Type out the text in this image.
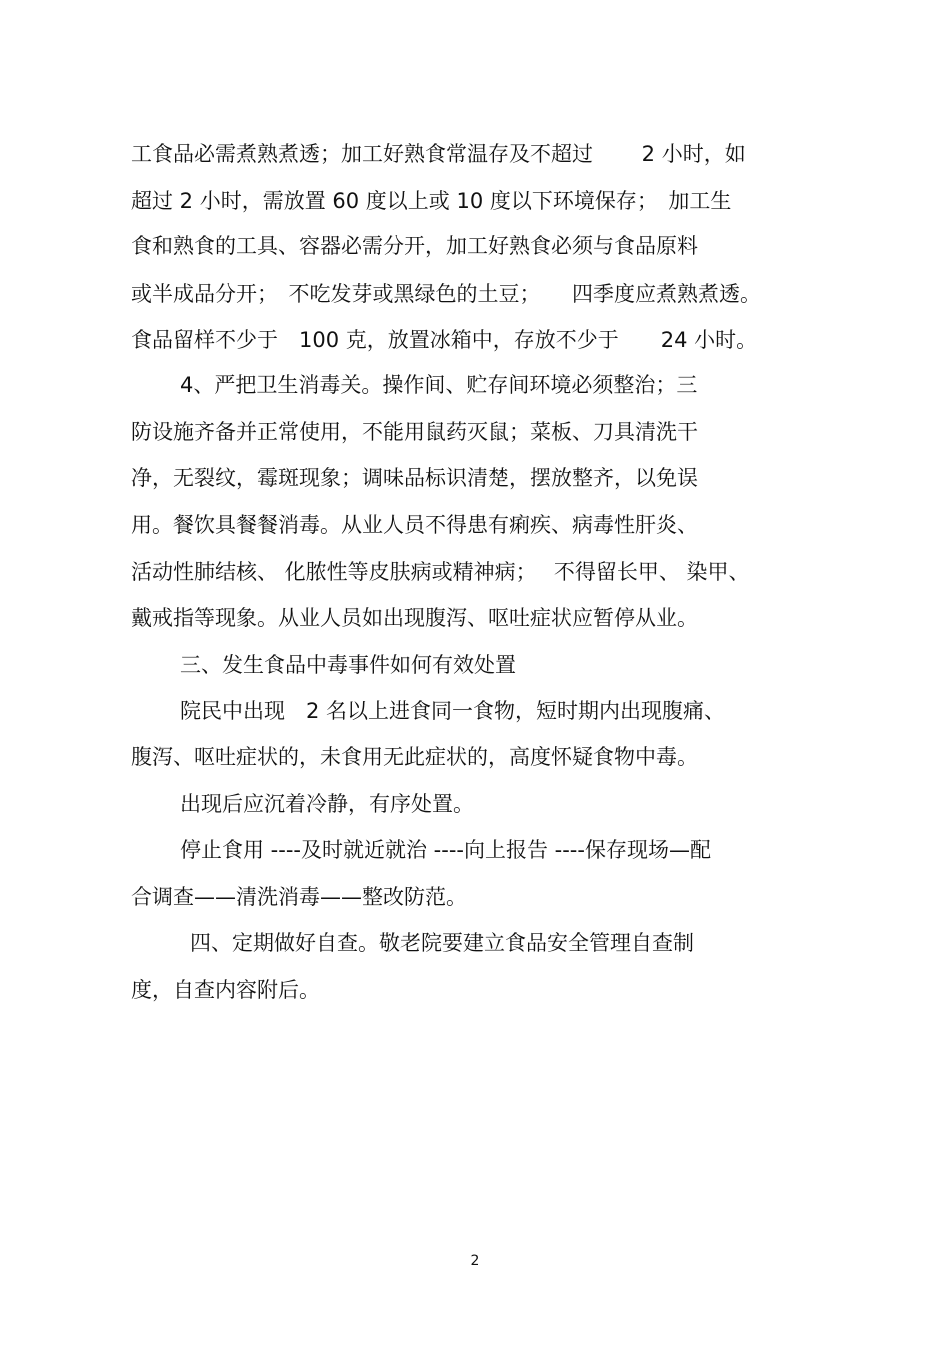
工食品必需煮熟煮透；加工好熟食常温存及不超过　　 2 小时，如
超过 2 小时，需放置 60 度以上或 10 度以下环境保存；　加工生
食和熟食的工具、容器必需分开，加工好熟食必须与食品原料
或半成品分开；　不吃发芽或黑绿色的土豆；　　四季度应煮熟煮透。
食品留样不少于　100 克，放置冰箱中，存放不少于　　24 小时。
4、严把卫生消毒关。操作间、贮存间环境必须整治；三
防设施齐备并正常使用，不能用鼠药灭鼠；菜板、刀具清洗干
净，无裂纹，霉斑现象；调味品标识清楚，摆放整齐，以免误
用。餐饮具餐餐消毒。从业人员不得患有痢疾、病毒性肝炎、
活动性肺结核、 化脓性等皮肤病或精神病；　 不得留长甲、 染甲、
戴戒指等现象。从业人员如出现腹泻、呕吐症状应暂停从业。
三、发生食品中毒事件如何有效处置
院民中出现　2 名以上进食同一食物，短时期内出现腹痛、
腹泻、呕吐症状的，未食用无此症状的，高度怀疑食物中毒。
出现后应沉着冷静，有序处置。
停止食用 ----及时就近就治 ----向上报告 ----保存现场—配
合调查——清洗消毒——整改防范。
四、定期做好自查。敬老院要建立食品安全管理自查制
度，自查内容附后。
2
